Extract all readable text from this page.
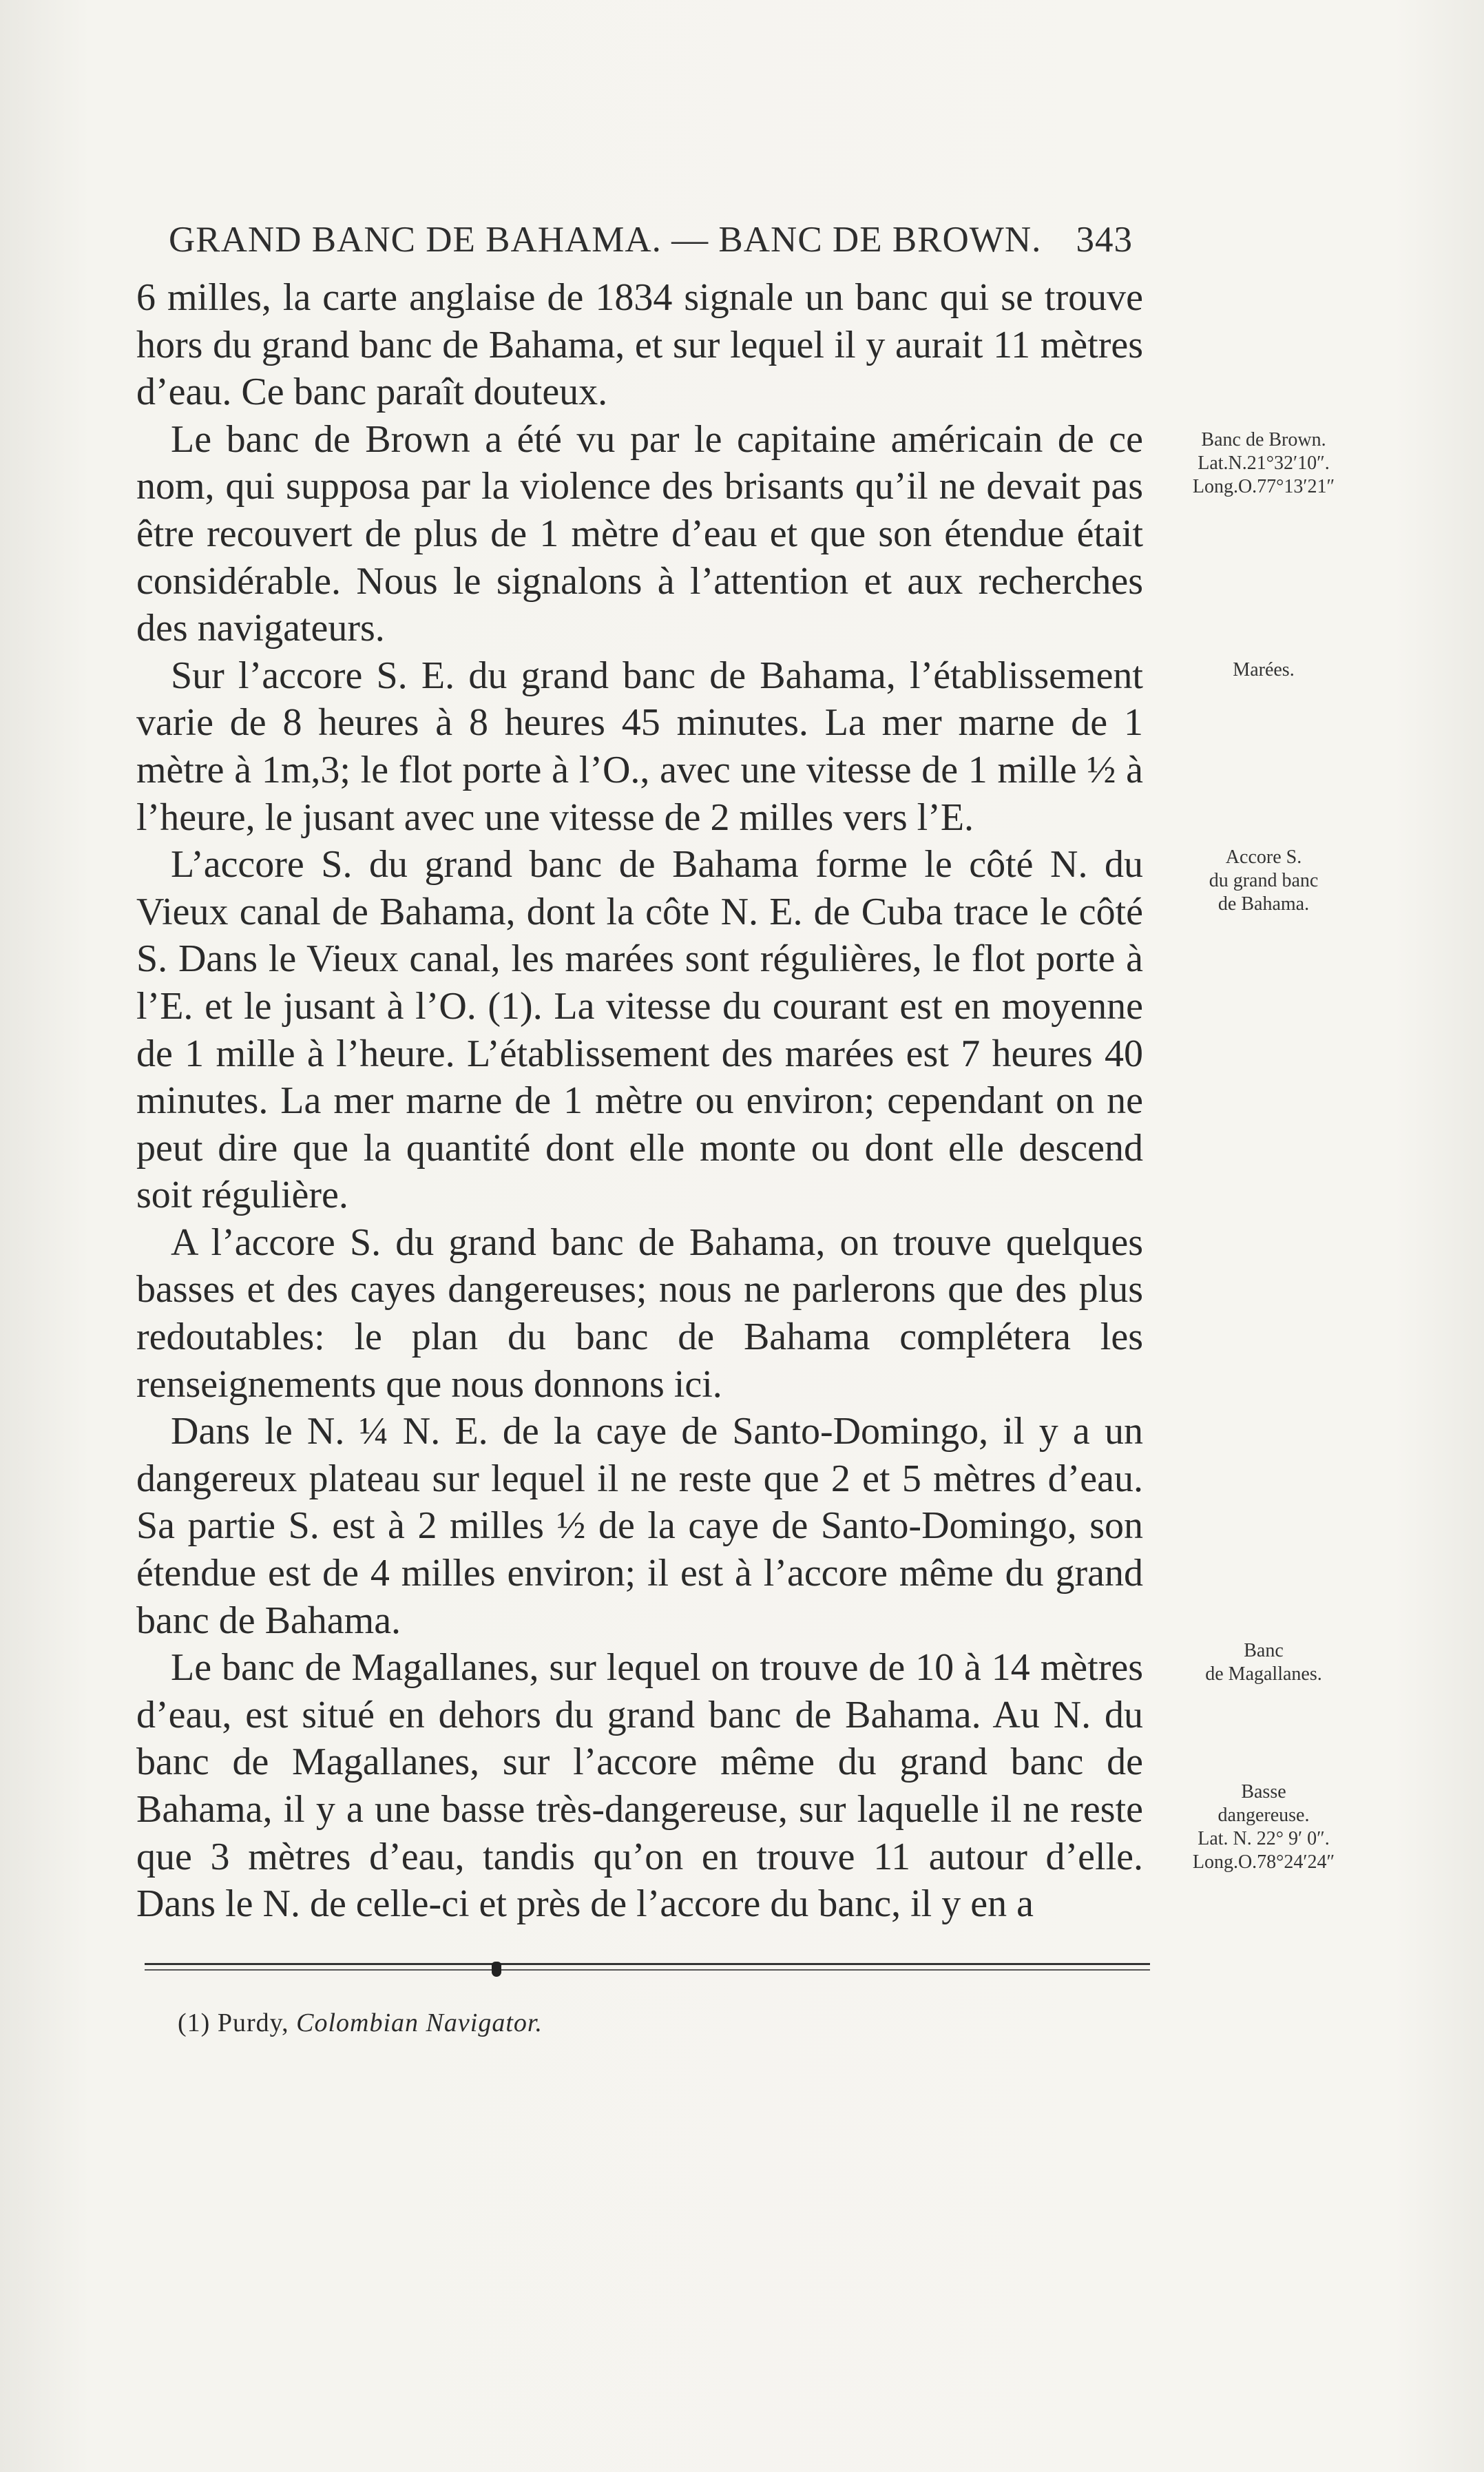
GRAND BANC DE BAHAMA. — BANC DE BROWN. 343

6 milles, la carte anglaise de 1834 signale un banc qui se trouve hors du grand banc de Bahama, et sur lequel il y aurait 11 mètres d’eau. Ce banc paraît douteux.

Le banc de Brown a été vu par le capitaine américain de ce nom, qui supposa par la violence des brisants qu’il ne devait pas être recouvert de plus de 1 mètre d’eau et que son étendue était considérable. Nous le signalons à l’attention et aux recherches des navigateurs.

Sur l’accore S. E. du grand banc de Bahama, l’établissement varie de 8 heures à 8 heures 45 minutes. La mer marne de 1 mètre à 1m,3; le flot porte à l’O., avec une vitesse de 1 mille ½ à l’heure, le jusant avec une vitesse de 2 milles vers l’E.

L’accore S. du grand banc de Bahama forme le côté N. du Vieux canal de Bahama, dont la côte N. E. de Cuba trace le côté S. Dans le Vieux canal, les marées sont régulières, le flot porte à l’E. et le jusant à l’O. (1). La vitesse du courant est en moyenne de 1 mille à l’heure. L’établissement des marées est 7 heures 40 minutes. La mer marne de 1 mètre ou environ; cependant on ne peut dire que la quantité dont elle monte ou dont elle descend soit régulière.

A l’accore S. du grand banc de Bahama, on trouve quelques basses et des cayes dangereuses; nous ne parlerons que des plus redoutables: le plan du banc de Bahama complétera les renseignements que nous donnons ici.

Dans le N. ¼ N. E. de la caye de Santo-Domingo, il y a un dangereux plateau sur lequel il ne reste que 2 et 5 mètres d’eau. Sa partie S. est à 2 milles ½ de la caye de Santo-Domingo, son étendue est de 4 milles environ; il est à l’accore même du grand banc de Bahama.

Le banc de Magallanes, sur lequel on trouve de 10 à 14 mètres d’eau, est situé en dehors du grand banc de Bahama. Au N. du banc de Magallanes, sur l’accore même du grand banc de Bahama, il y a une basse très-dangereuse, sur laquelle il ne reste que 3 mètres d’eau, tandis qu’on en trouve 11 autour d’elle. Dans le N. de celle-ci et près de l’accore du banc, il y en a

Banc de Brown.
Lat.N.21°32′10″.
Long.O.77°13′21″
Marées.
Accore S.
du grand banc
de Bahama.
Banc
de Magallanes.
Basse
dangereuse.
Lat. N. 22° 9′ 0″.
Long.O.78°24′24″
(1) Purdy, Colombian Navigator.
